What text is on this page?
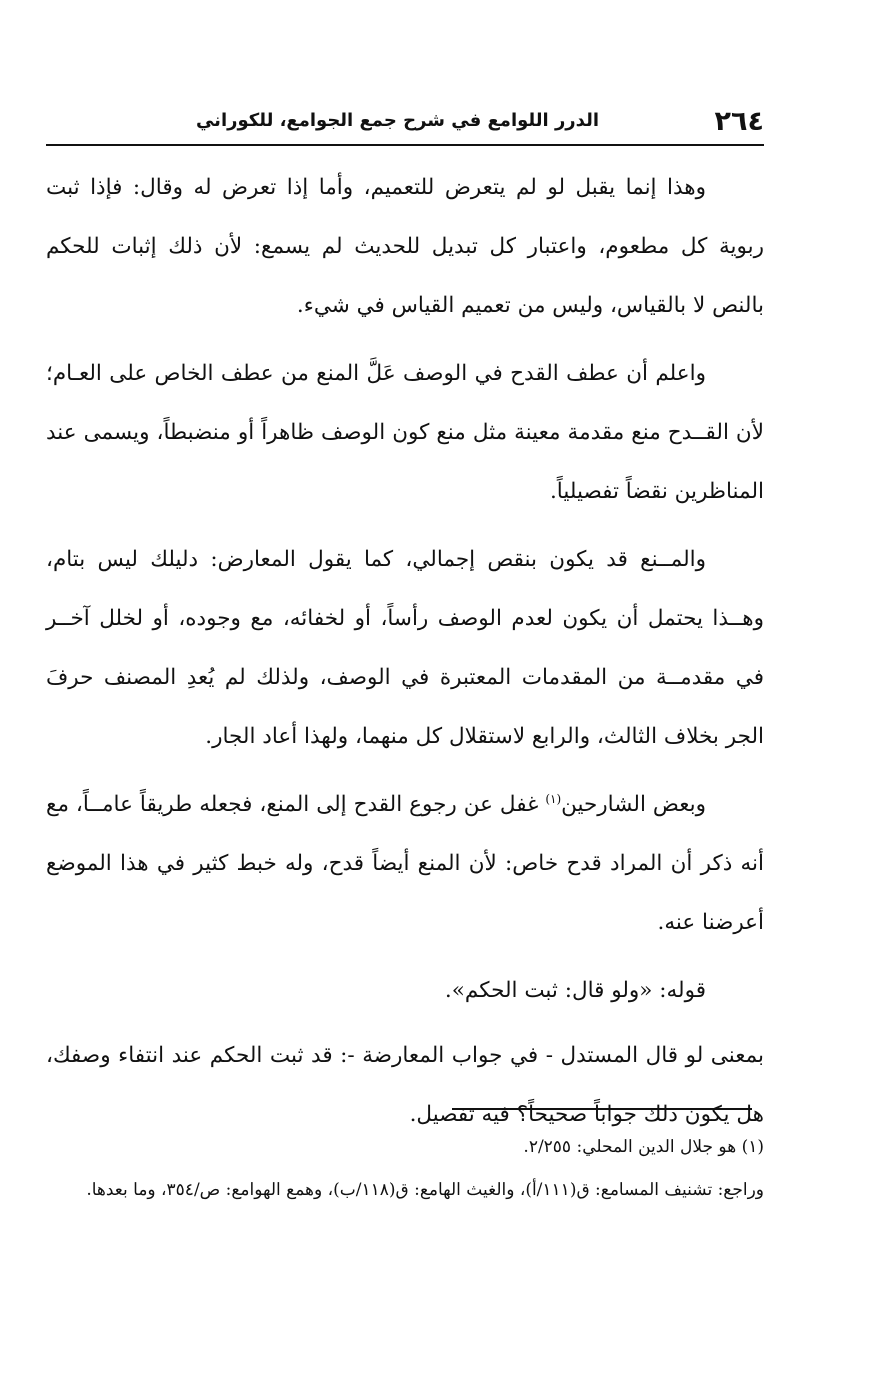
٢٦٤
الدرر اللوامع في شرح جمع الجوامع، للكوراني

وهذا إنما يقبل لو لم يتعرض للتعميم، وأما إذا تعرض له وقال: فإذا ثبت ربوية كل مطعوم، واعتبار كل تبديل للحديث لم يسمع: لأن ذلك إثبات للحكم بالنص لا بالقياس، وليس من تعميم القياس في شيء.

واعلم أن عطف القدح في الوصف عَلَّ المنع من عطف الخاص على العـام؛ لأن القــدح منع مقدمة معينة مثل منع كون الوصف ظاهراً أو منضبطاً، ويسمى عند المناظرين نقضاً تفصيلياً.

والمــنع قد يكون بنقص إجمالي، كما يقول المعارض: دليلك ليس بتام، وهــذا يحتمل أن يكون لعدم الوصف رأساً، أو لخفائه، مع وجوده، أو لخلل آخــر في مقدمــة من المقدمات المعتبرة في الوصف، ولذلك لم يُعدِ المصنف حرفَ الجر بخلاف الثالث، والرابع لاستقلال كل منهما، ولهذا أعاد الجار.

وبعض الشارحين$^{(١)}$ غفل عن رجوع القدح إلى المنع، فجعله طريقاً عامــاً، مع أنه ذكر أن المراد قدح خاص: لأن المنع أيضاً قدح، وله خبط كثير في هذا الموضع أعرضنا عنه.

قوله: «ولو قال: ثبت الحكم».

بمعنى لو قال المستدل - في جواب المعارضة -: قد ثبت الحكم عند انتفاء وصفك، هل يكون ذلك جواباً صحيحاً؟ فيه تفصيل.

(١) هو جلال الدين المحلي: ٢/٢٥٥.

وراجع: تشنيف المسامع: ق(١١١/أ)، والغيث الهامع: ق(١١٨/ب)، وهمع الهوامع: ص/٣٥٤، وما بعدها.
